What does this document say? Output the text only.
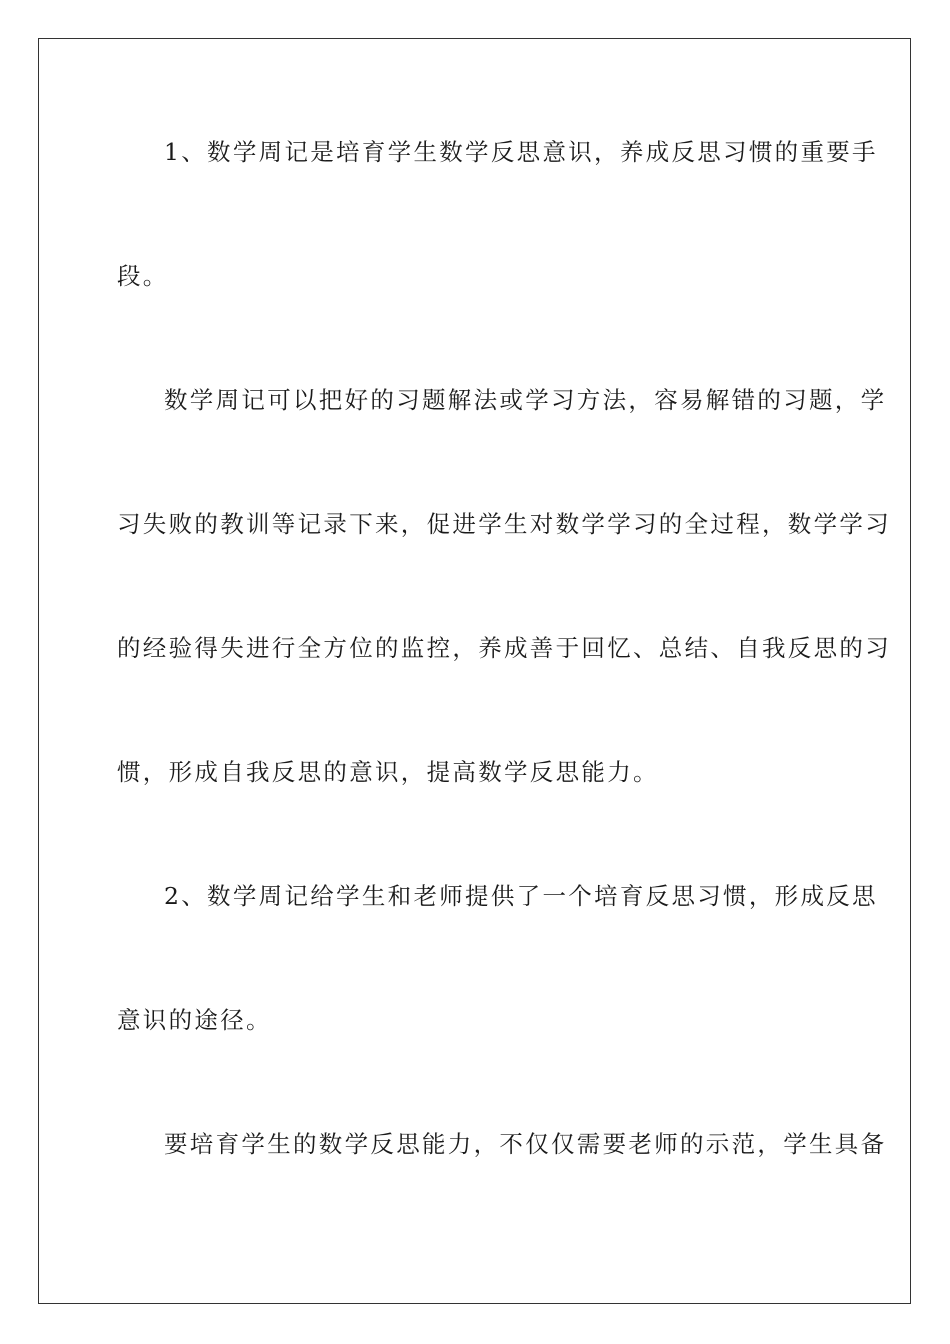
1、数学周记是培育学生数学反思意识，养成反思习惯的重要手
段。
数学周记可以把好的习题解法或学习方法，容易解错的习题，学
习失败的教训等记录下来，促进学生对数学学习的全过程，数学学习
的经验得失进行全方位的监控，养成善于回忆、总结、自我反思的习
惯，形成自我反思的意识，提高数学反思能力。
2、数学周记给学生和老师提供了一个培育反思习惯，形成反思
意识的途径。
要培育学生的数学反思能力，不仅仅需要老师的示范，学生具备
